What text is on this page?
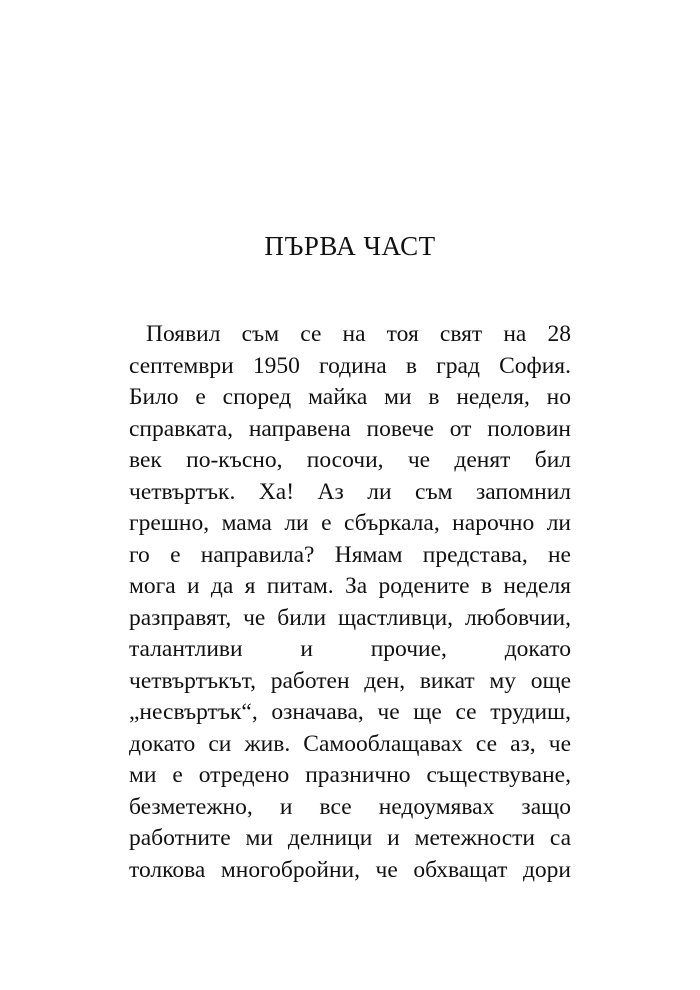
ПЪРВА ЧАСТ
Появил съм се на тоя свят на 28
септември 1950 година в град София.
Било е според майка ми в неделя, но
справката, направена повече от половин
век по-късно, посочи, че денят бил
четвъртък. Ха! Аз ли съм запомнил
грешно, мама ли е сбъркала, нарочно ли
го е направила? Нямам представа, не
мога и да я питам. За родените в неделя
разправят, че били щастливци, любовчии,
талантливи и прочие, докато
четвъртъкът, работен ден, викат му още
„несвъртък“, означава, че ще се трудиш,
докато си жив. Самооблащавах се аз, че
ми е отредено празнично съществуване,
безметежно, и все недоумявах защо
работните ми делници и метежности са
толкова многобройни, че обхващат дори
